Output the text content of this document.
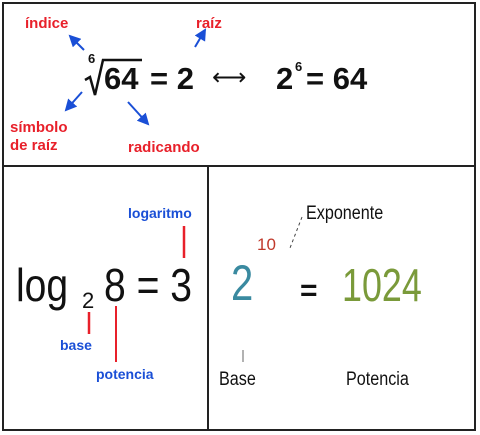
índice	raíz
símbolo
de raíz	radicando
6
64 = 2 ⟷ 2 6 = 64
logaritmo
log 2 8 = 3
base
potencia
Exponente
10
2 = 1024
Base	Potencia
